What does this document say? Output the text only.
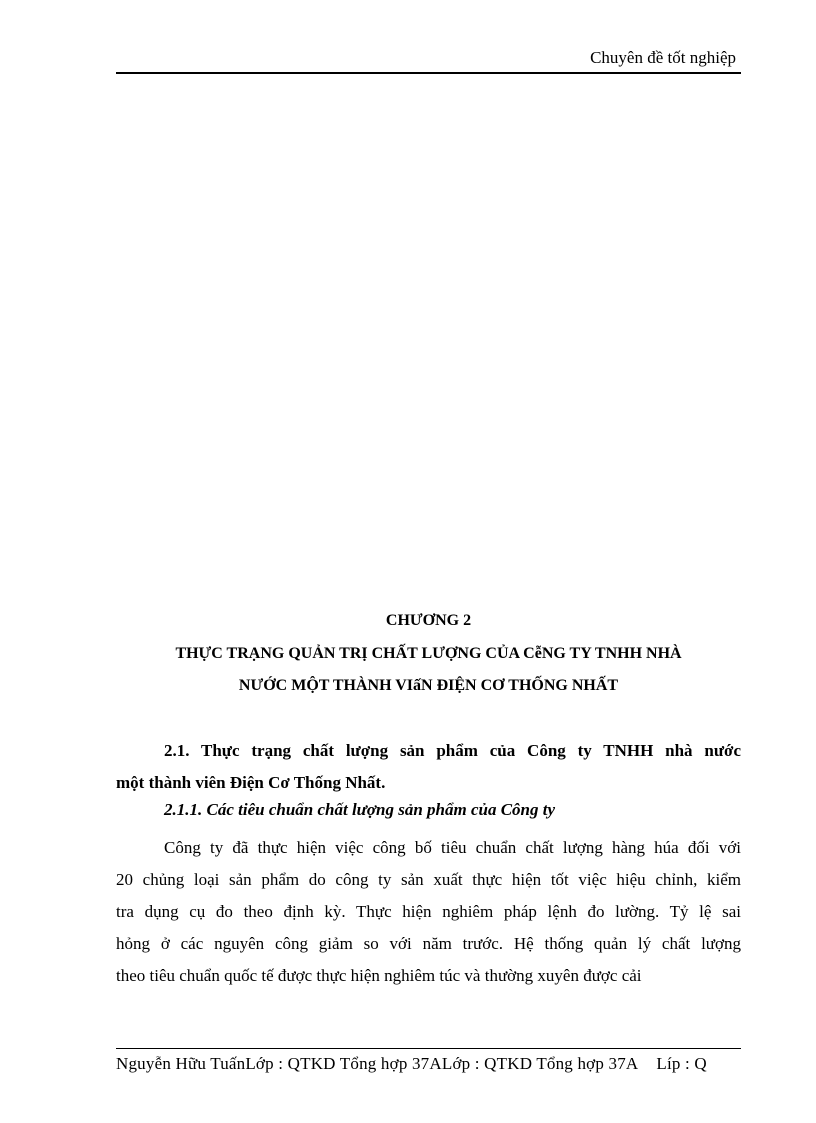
Chuyên đề tốt nghiệp
CHƯƠNG 2
THỰC TRẠNG QUẢN TRỊ CHẤT LƯỢNG CỦA CễNG TY TNHH NHÀ
NƯỚC MỘT THÀNH VIấN ĐIỆN CƠ THỐNG NHẤT
2.1. Thực trạng chất lượng sản phẩm của Công ty TNHH nhà nước
một thành viên Điện Cơ Thống Nhất.
2.1.1. Các tiêu chuẩn chất lượng sản phẩm của Công ty
Công ty đã thực hiện việc công bố tiêu chuẩn chất lượng hàng húa đối với
20 chủng loại sản phẩm do công ty sản xuất thực hiện tốt việc hiệu chỉnh, kiểm
tra dụng cụ đo theo định kỳ. Thực hiện nghiêm pháp lệnh đo lường. Tỷ lệ sai
hỏng ở các nguyên công giảm so với năm trước. Hệ thống quản lý chất lượng
theo tiêu chuẩn quốc tế được thực hiện nghiêm túc và thường xuyên được cải
Nguyễn Hữu TuấnLớp : QTKD Tổng hợp 37ALớp : QTKD Tổng hợp 37A Líp : Q
